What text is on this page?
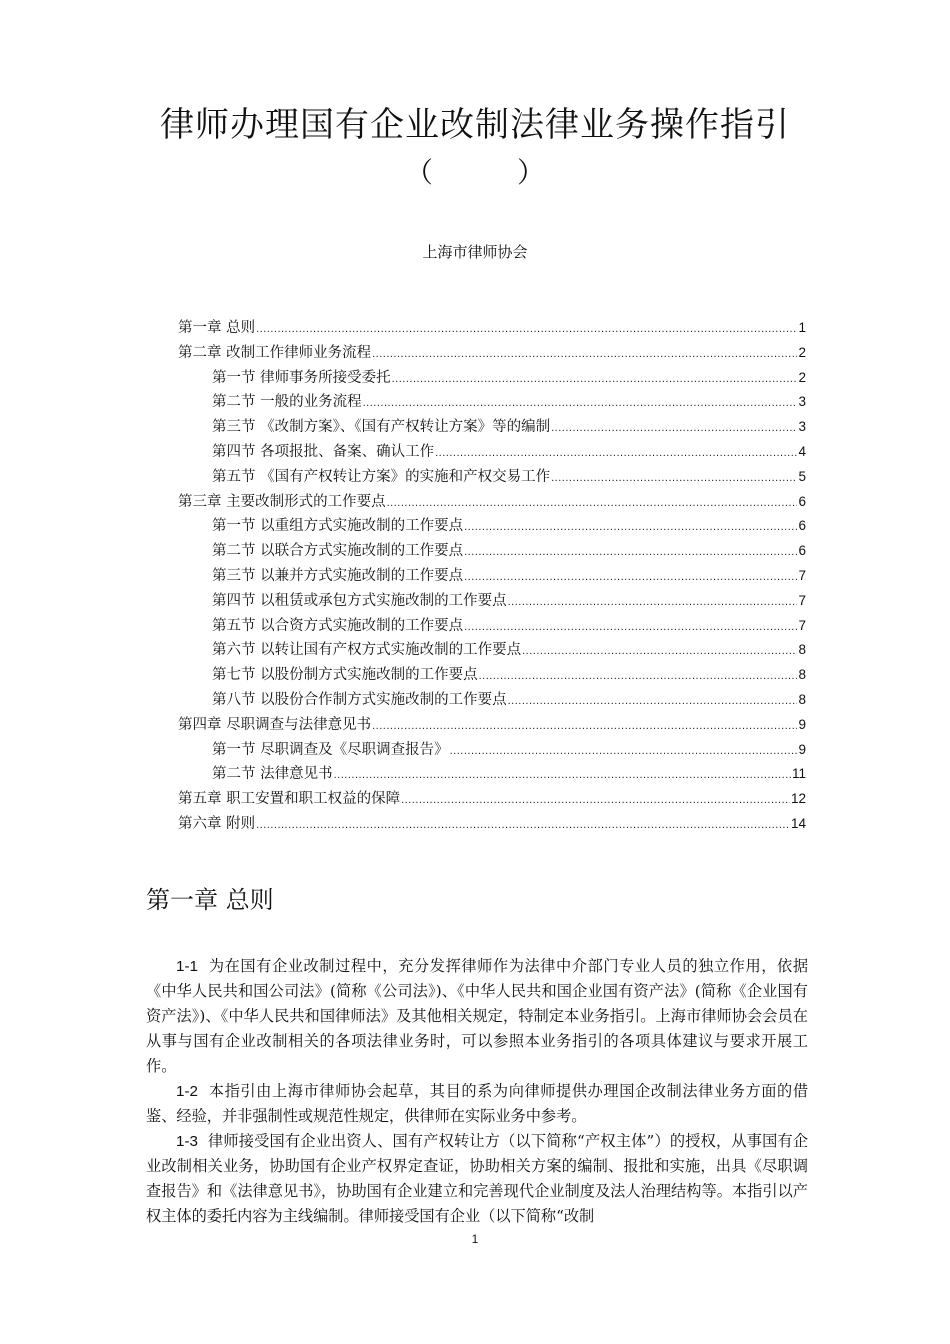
律师办理国有企业改制法律业务操作指引
（　　　）
上海市律师协会
第一章 总则 .....	1
第二章 改制工作律师业务流程 .....	2
第一节 律师事务所接受委托 .....	2
第二节 一般的业务流程 .....	3
第三节 《改制方案》、《国有产权转让方案》等的编制 .....	3
第四节 各项报批、备案、确认工作 .....	4
第五节 《国有产权转让方案》的实施和产权交易工作 .....	5
第三章 主要改制形式的工作要点 .....	6
第一节 以重组方式实施改制的工作要点 .....	6
第二节 以联合方式实施改制的工作要点 .....	6
第三节 以兼并方式实施改制的工作要点 .....	7
第四节 以租赁或承包方式实施改制的工作要点 .....	7
第五节 以合资方式实施改制的工作要点 .....	7
第六节 以转让国有产权方式实施改制的工作要点 .....	8
第七节 以股份制方式实施改制的工作要点 .....	8
第八节 以股份合作制方式实施改制的工作要点 .....	8
第四章 尽职调查与法律意见书 .....	9
第一节 尽职调查及《尽职调查报告》 .....	9
第二节 法律意见书 .....	11
第五章 职工安置和职工权益的保障 .....	12
第六章 附则 .....	14
第一章 总则

1-1 为在国有企业改制过程中，充分发挥律师作为法律中介部门专业人员的独立作用，依据《中华人民共和国公司法》(简称《公司法》)、《中华人民共和国企业国有资产法》(简称《企业国有资产法》)、《中华人民共和国律师法》及其他相关规定，特制定本业务指引。上海市律师协会会员在从事与国有企业改制相关的各项法律业务时，可以参照本业务指引的各项具体建议与要求开展工作。

1-2 本指引由上海市律师协会起草，其目的系为向律师提供办理国企改制法律业务方面的借鉴、经验，并非强制性或规范性规定，供律师在实际业务中参考。

1-3 律师接受国有企业出资人、国有产权转让方（以下简称“产权主体”）的授权，从事国有企业改制相关业务，协助国有企业产权界定查证，协助相关方案的编制、报批和实施，出具《尽职调查报告》和《法律意见书》，协助国有企业建立和完善现代企业制度及法人治理结构等。本指引以产权主体的委托内容为主线编制。律师接受国有企业（以下简称“改制

1
